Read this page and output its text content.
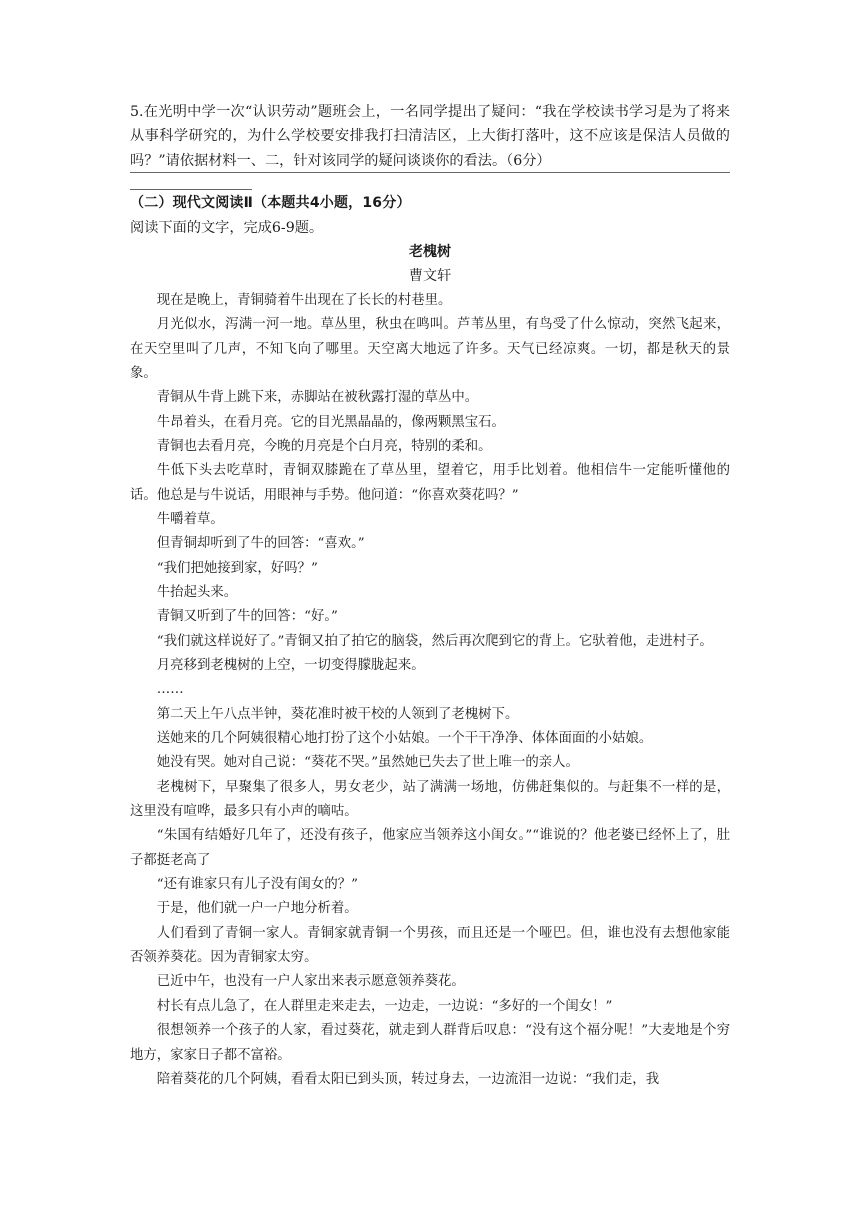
5.在光明中学一次“认识劳动”题班会上，一名同学提出了疑问：“我在学校读书学习是为了将来从事科学研究的，为什么学校要安排我打扫清洁区，上大街打落叶，这不应该是保洁人员做的吗？”请依据材料一、二，针对该同学的疑问谈谈你的看法。（6分）

（二）现代文阅读Ⅱ（本题共4小题，16分）

阅读下面的文字，完成6-9题。

老槐树

曹文轩

现在是晚上，青铜骑着牛出现在了长长的村巷里。

月光似水，泻满一河一地。草丛里，秋虫在鸣叫。芦苇丛里，有鸟受了什么惊动，突然飞起来，在天空里叫了几声，不知飞向了哪里。天空离大地远了许多。天气已经凉爽。一切，都是秋天的景象。

青铜从牛背上跳下来，赤脚站在被秋露打湿的草丛中。

牛昂着头，在看月亮。它的目光黑晶晶的，像两颗黑宝石。

青铜也去看月亮，今晚的月亮是个白月亮，特别的柔和。

牛低下头去吃草时，青铜双膝跪在了草丛里，望着它，用手比划着。他相信牛一定能听懂他的话。他总是与牛说话，用眼神与手势。他问道：“你喜欢葵花吗？”

牛嚼着草。

但青铜却听到了牛的回答：“喜欢。”

“我们把她接到家，好吗？”

牛抬起头来。

青铜又听到了牛的回答：“好。”

“我们就这样说好了。”青铜又拍了拍它的脑袋，然后再次爬到它的背上。它驮着他，走进村子。

月亮移到老槐树的上空，一切变得朦胧起来。

……

第二天上午八点半钟，葵花准时被干校的人领到了老槐树下。

送她来的几个阿姨很精心地打扮了这个小姑娘。一个干干净净、体体面面的小姑娘。

她没有哭。她对自己说：“葵花不哭。”虽然她已失去了世上唯一的亲人。

老槐树下，早聚集了很多人，男女老少，站了满满一场地，仿佛赶集似的。与赶集不一样的是，这里没有喧哗，最多只有小声的嘀咕。

“朱国有结婚好几年了，还没有孩子，他家应当领养这小闺女。”“谁说的？他老婆已经怀上了，肚子都挺老高了

“还有谁家只有儿子没有闺女的？”

于是，他们就一户一户地分析着。

人们看到了青铜一家人。青铜家就青铜一个男孩，而且还是一个哑巴。但，谁也没有去想他家能否领养葵花。因为青铜家太穷。

已近中午，也没有一户人家出来表示愿意领养葵花。

村长有点儿急了，在人群里走来走去，一边走，一边说：“多好的一个闺女！”

很想领养一个孩子的人家，看过葵花，就走到人群背后叹息：“没有这个福分呢！”大麦地是个穷地方，家家日子都不富裕。

陪着葵花的几个阿姨，看看太阳已到头顶，转过身去，一边流泪一边说：“我们走，我
